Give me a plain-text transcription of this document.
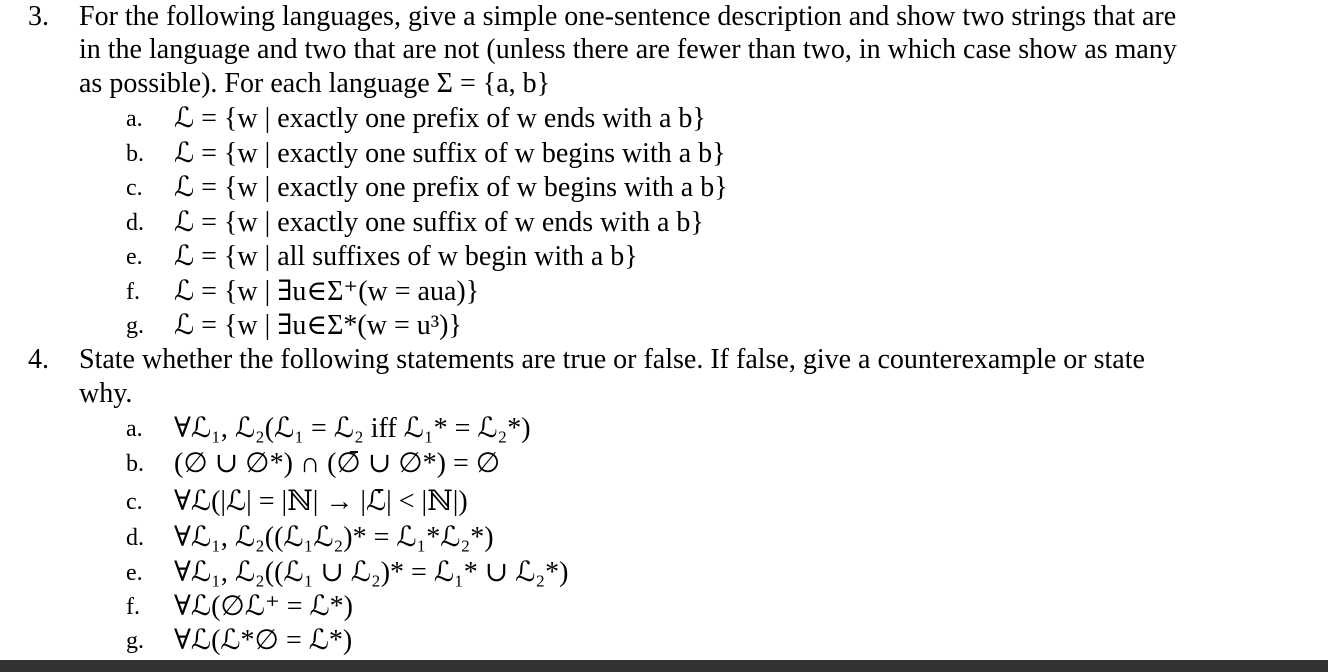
3. For the following languages, give a simple one-sentence description and show two strings that are
in the language and two that are not (unless there are fewer than two, in which case show as many
as possible). For each language Σ = {a, b}
a. ℒ = {w | exactly one prefix of w ends with a b}
b. ℒ = {w | exactly one suffix of w begins with a b}
c. ℒ = {w | exactly one prefix of w begins with a b}
d. ℒ = {w | exactly one suffix of w ends with a b}
e. ℒ = {w | all suffixes of w begin with a b}
f. ℒ = {w | ∃u∈Σ⁺(w = aua)}
g. ℒ = {w | ∃u∈Σ*(w = u³)}
4. State whether the following statements are true or false. If false, give a counterexample or state
why.
a. ∀ℒ₁, ℒ₂(ℒ₁ = ℒ₂ iff ℒ₁* = ℒ₂*)
b. (∅ ∪ ∅*) ∩ (∅̄ ∪ ∅*) = ∅
c. ∀ℒ(|ℒ| = |ℕ| → |ℒ̄| < |ℕ|)
d. ∀ℒ₁, ℒ₂((ℒ₁ℒ₂)* = ℒ₁*ℒ₂*)
e. ∀ℒ₁, ℒ₂((ℒ₁ ∪ ℒ₂)* = ℒ₁* ∪ ℒ₂*)
f. ∀ℒ(∅ℒ⁺ = ℒ*)
g. ∀ℒ(ℒ*∅ = ℒ*)
